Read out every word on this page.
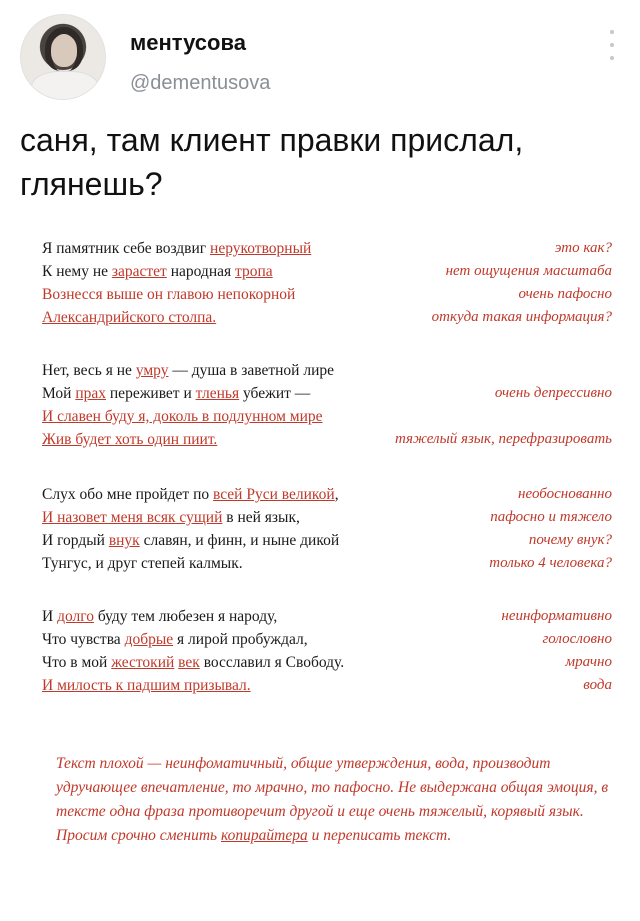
ментусова
@dementusova
саня, там клиент правки прислал, глянешь?
Я памятник себе воздвиг нерукотворный	это как?
К нему не зарастет народная тропа	нет ощущения масштаба
Вознесся выше он главою непокорной	очень пафосно
Александрийского столпа.	откуда такая информация?
Нет, весь я не умру — душа в заветной лире
Мой прах переживет и тленья убежит —	очень депрессивно
И славен буду я, доколь в подлунном мире
Жив будет хоть один пиит.	тяжелый язык, перефразировать
Слух обо мне пройдет по всей Руси великой,	необоснованно
И назовет меня всяк сущий в ней язык,	пафосно и тяжело
И гордый внук славян, и финн, и ныне дикой	почему внук?
Тунгус, и друг степей калмык.	только 4 человека?
И долго буду тем любезен я народу,	неинформативно
Что чувства добрые я лирой пробуждал,	голословно
Что в мой жестокий век восславил я Свободу.	мрачно
И милость к падшим призывал.	вода
Текст плохой — неинфоматичный, общие утверждения, вода, производит удручающее впечатление, то мрачно, то пафосно. Не выдержана общая эмоция, в тексте одна фраза противоречит другой и еще очень тяжелый, корявый язык. Просим срочно сменить копирайтера и переписать текст.
